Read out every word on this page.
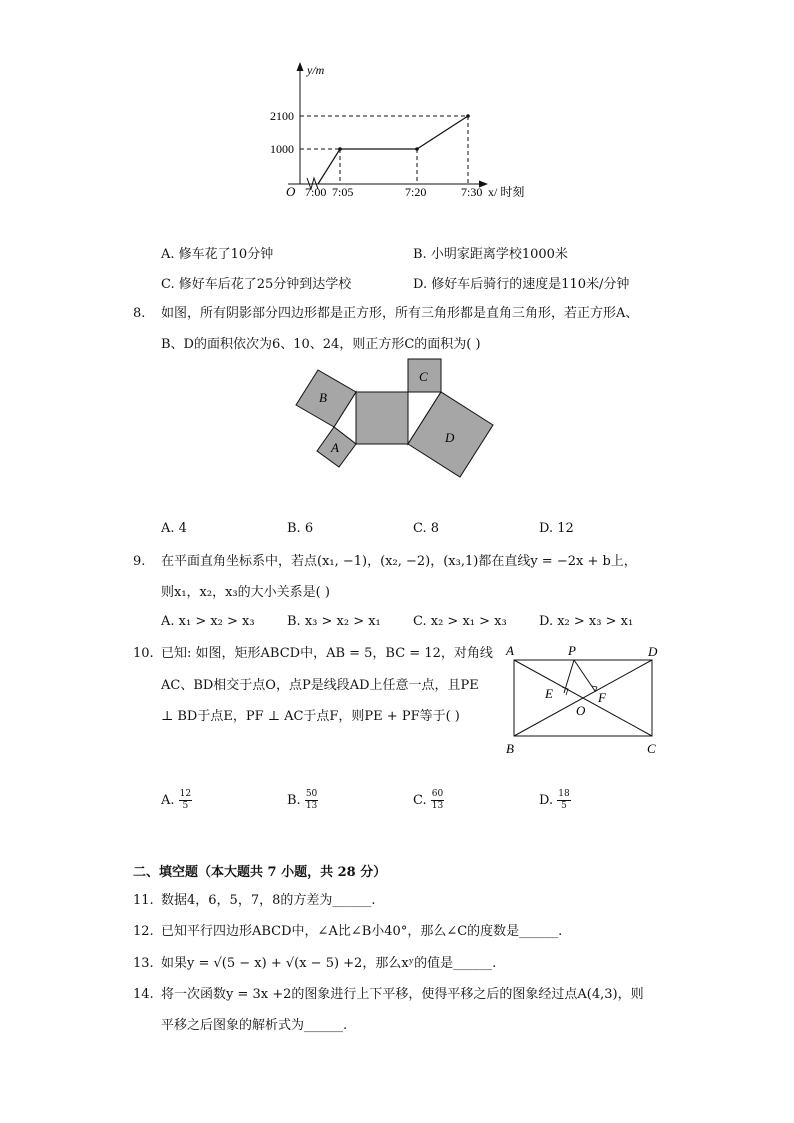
y/m
2100
1000
O 7:00 7:05	7:20	7:30 x/ 时刻
A. 修车花了10分钟	B. 小明家距离学校1000米
C. 修好车后花了25分钟到达学校	D. 修好车后骑行的速度是110米/分钟
8. 如图，所有阴影部分四边形都是正方形，所有三角形都是直角三角形，若正方形A、
B、D的面积依次为6、10、24，则正方形C的面积为( )
B
A
C
D
A. 4	B. 6	C. 8	D. 12
9. 在平面直角坐标系中，若点(x₁, −1)，(x₂, −2)，(x₃,1)都在直线y = −2x + b上，
则x₁，x₂，x₃的大小关系是( )
A. x₁ > x₂ > x₃ B. x₃ > x₂ > x₁ C. x₂ > x₁ > x₃ D. x₂ > x₃ > x₁
10. 已知: 如图，矩形ABCD中，AB = 5，BC = 12，对角线
AC、BD相交于点O，点P是线段AD上任意一点，且PE
⊥ BD于点E，PF ⊥ AC于点F，则PE + PF等于( )
A	P	D
E	F
O
B	C
A. $\frac{12}{5}$	B. $\frac{50}{13}$	C. $\frac{60}{13}$	D. $\frac{18}{5}$
二、填空题（本大题共 7 小题，共 28 分）
11. 数据4，6，5，7，8的方差为______.
12. 已知平行四边形ABCD中，∠A比∠B小40°，那么∠C的度数是______.
13. 如果y = √(5 − x) + √(x − 5) +2，那么xʸ的值是______.
14. 将一次函数y = 3x +2的图象进行上下平移，使得平移之后的图象经过点A(4,3)，则
平移之后图象的解析式为______.
